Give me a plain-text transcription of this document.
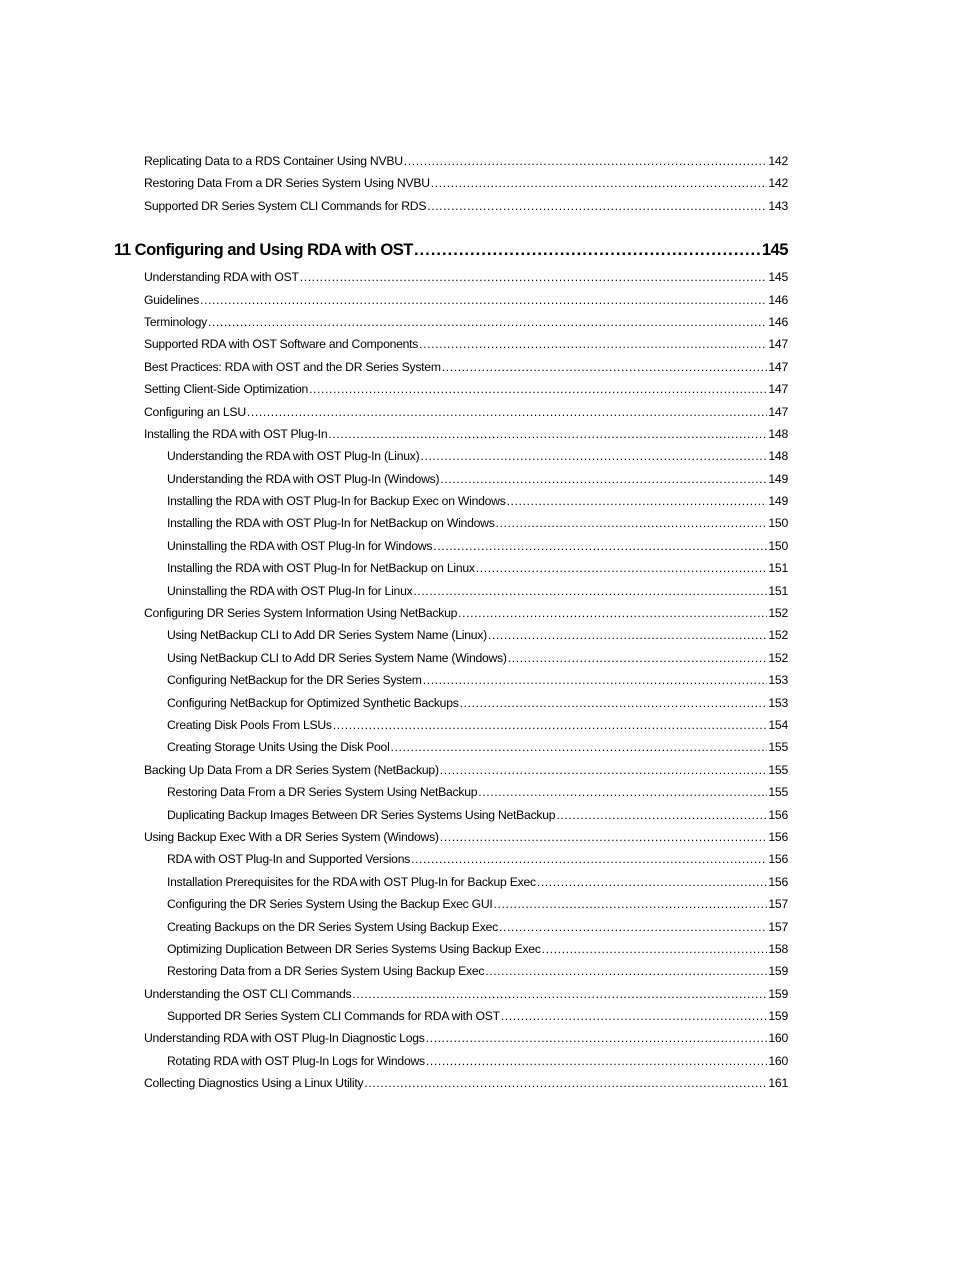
Replicating Data to a RDS Container Using NVBU .....	142
Restoring Data From a DR Series System Using NVBU .....	142
Supported DR Series System CLI Commands for RDS .....	143
11 Configuring and Using RDA with OST .....	145
Understanding RDA with OST .....	145
Guidelines .....	146
Terminology .....	146
Supported RDA with OST Software and Components .....	147
Best Practices: RDA with OST and the DR Series System .....	147
Setting Client-Side Optimization .....	147
Configuring an LSU .....	147
Installing the RDA with OST Plug-In .....	148
Understanding the RDA with OST Plug-In (Linux) .....	148
Understanding the RDA with OST Plug-In (Windows) .....	149
Installing the RDA with OST Plug-In for Backup Exec on Windows .....	149
Installing the RDA with OST Plug-In for NetBackup on Windows .....	150
Uninstalling the RDA with OST Plug-In for Windows .....	150
Installing the RDA with OST Plug-In for NetBackup on Linux .....	151
Uninstalling the RDA with OST Plug-In for Linux .....	151
Configuring DR Series System Information Using NetBackup .....	152
Using NetBackup CLI to Add DR Series System Name (Linux) .....	152
Using NetBackup CLI to Add DR Series System Name (Windows) .....	152
Configuring NetBackup for the DR Series System .....	153
Configuring NetBackup for Optimized Synthetic Backups .....	153
Creating Disk Pools From LSUs .....	154
Creating Storage Units Using the Disk Pool .....	155
Backing Up Data From a DR Series System (NetBackup) .....	155
Restoring Data From a DR Series System Using NetBackup .....	155
Duplicating Backup Images Between DR Series Systems Using NetBackup .....	156
Using Backup Exec With a DR Series System (Windows) .....	156
RDA with OST Plug-In and Supported Versions .....	156
Installation Prerequisites for the RDA with OST Plug-In for Backup Exec .....	156
Configuring the DR Series System Using the Backup Exec GUI .....	157
Creating Backups on the DR Series System Using Backup Exec .....	157
Optimizing Duplication Between DR Series Systems Using Backup Exec .....	158
Restoring Data from a DR Series System Using Backup Exec .....	159
Understanding the OST CLI Commands .....	159
Supported DR Series System CLI Commands for RDA with OST .....	159
Understanding RDA with OST Plug-In Diagnostic Logs .....	160
Rotating RDA with OST Plug-In Logs for Windows .....	160
Collecting Diagnostics Using a Linux Utility .....	161
